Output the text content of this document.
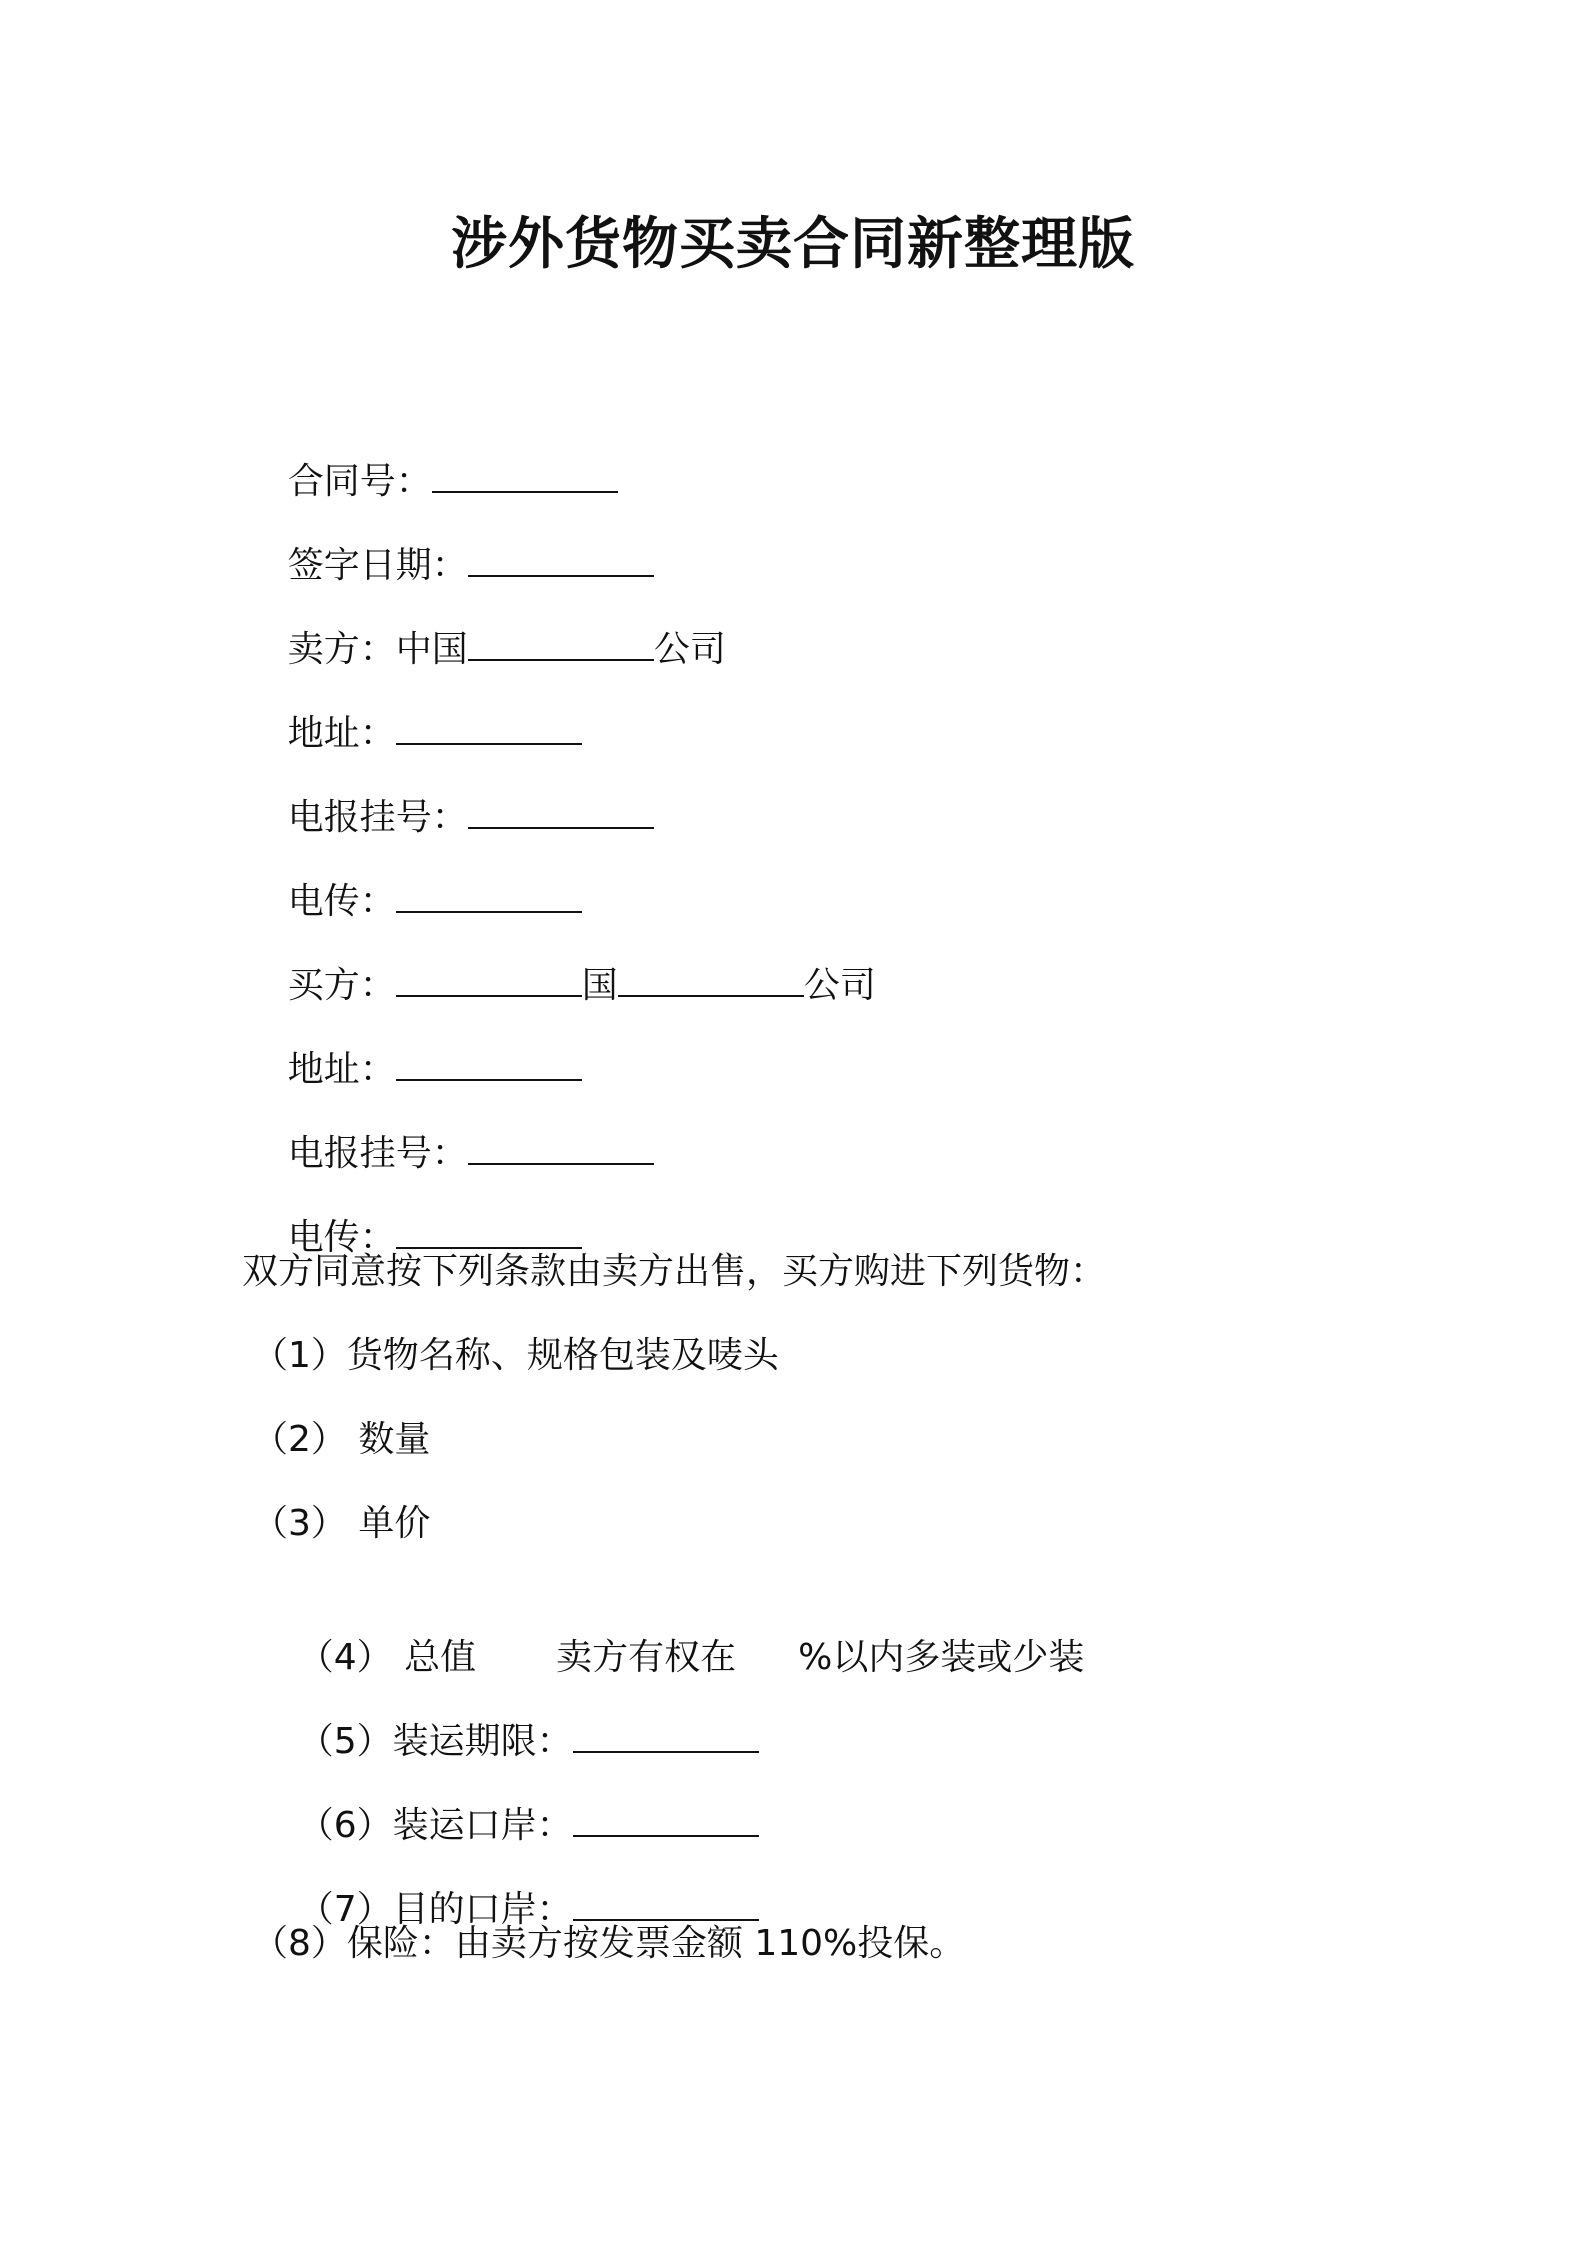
涉外货物买卖合同新整理版

合同号：

签字日期：

卖方：中国	公司

地址：

电报挂号：

电传：

买方：	国	公司

地址：

电报挂号：

电传：

双方同意按下列条款由卖方出售，买方购进下列货物：
（1）货物名称、规格包装及唛头
（2） 数量
（3） 单价

（4） 总值 卖方有权在 %以内多装或少装

（5）装运期限：

（6）装运口岸：

（7）目的口岸：

（8）保险：由卖方按发票金额 110%投保。
